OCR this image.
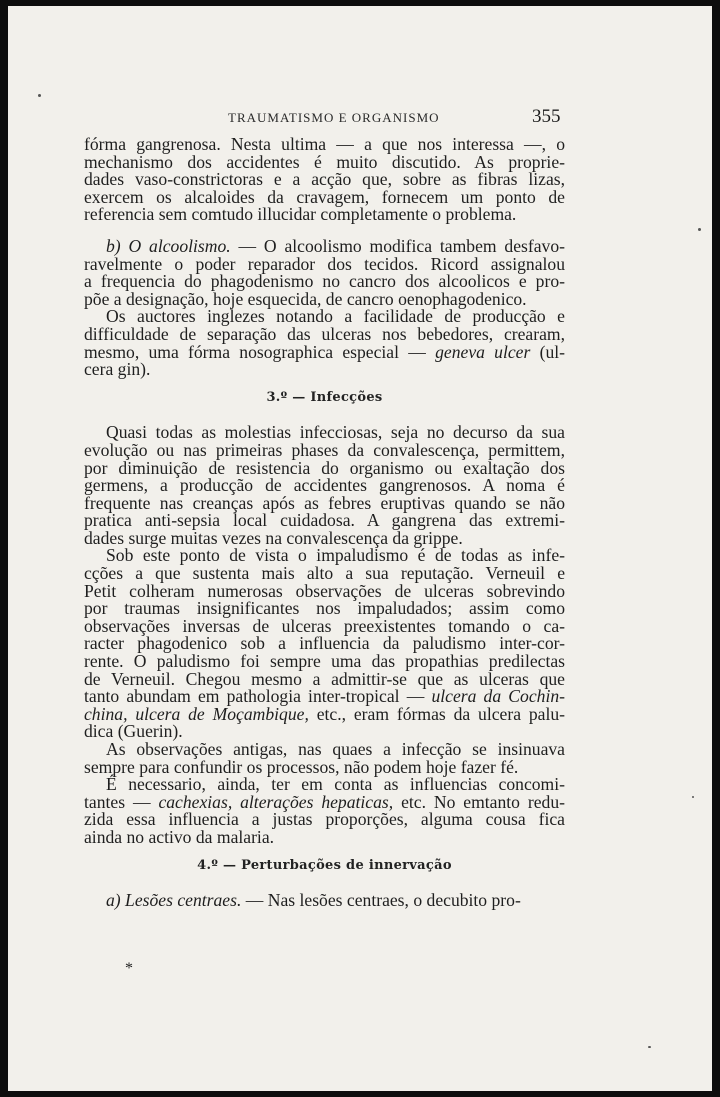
TRAUMATISMO E ORGANISMO	355

fórma gangrenosa. Nesta ultima — a que nos interessa —, o
mechanismo dos accidentes é muito discutido. As proprie-
dades vaso-constrictoras e a acção que, sobre as fibras lizas,
exercem os alcaloides da cravagem, fornecem um ponto de
referencia sem comtudo illucidar completamente o problema.

b) O alcoolismo. — O alcoolismo modifica tambem desfavo-
ravelmente o poder reparador dos tecidos. Ricord assignalou
a frequencia do phagodenismo no cancro dos alcoolicos e pro-
põe a designação, hoje esquecida, de cancro oenophagodenico.

Os auctores inglezes notando a facilidade de producção e
difficuldade de separação das ulceras nos bebedores, crearam,
mesmo, uma fórma nosographica especial — geneva ulcer (ul-
cera gin).

3.º — Infecções

Quasi todas as molestias infecciosas, seja no decurso da sua
evolução ou nas primeiras phases da convalescença, permittem,
por diminuição de resistencia do organismo ou exaltação dos
germens, a producção de accidentes gangrenosos. A noma é
frequente nas creanças após as febres eruptivas quando se não
pratica anti-sepsia local cuidadosa. A gangrena das extremi-
dades surge muitas vezes na convalescença da grippe.

Sob este ponto de vista o impaludismo é de todas as infe-
cções a que sustenta mais alto a sua reputação. Verneuil e
Petit colheram numerosas observações de ulceras sobrevindo
por traumas insignificantes nos impaludados; assim como
observações inversas de ulceras preexistentes tomando o ca-
racter phagodenico sob a influencia da paludismo inter-cor-
rente. O paludismo foi sempre uma das propathias predilectas
de Verneuil. Chegou mesmo a admittir-se que as ulceras que
tanto abundam em pathologia inter-tropical — ulcera da Cochin-
china, ulcera de Moçambique, etc., eram fórmas da ulcera palu-
dica (Guerin).

As observações antigas, nas quaes a infecção se insinuava
sempre para confundir os processos, não podem hoje fazer fé.

É necessario, ainda, ter em conta as influencias concomi-
tantes — cachexias, alterações hepaticas, etc. No emtanto redu-
zida essa influencia a justas proporções, alguma cousa fica
ainda no activo da malaria.

4.º — Perturbações de innervação

a) Lesões centraes. — Nas lesões centraes, o decubito pro-

*
